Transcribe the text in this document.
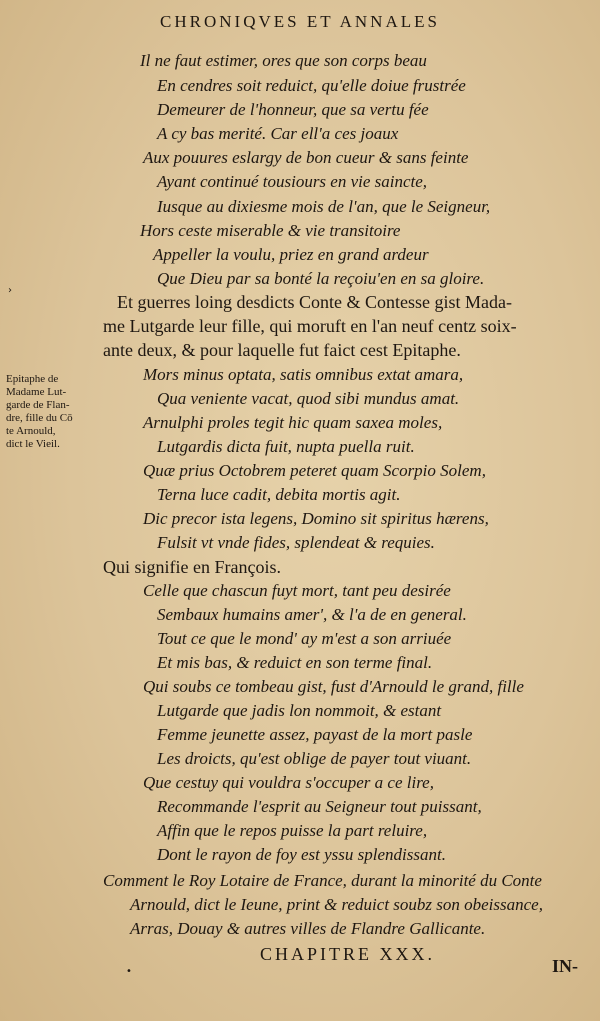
CHRONIQVES ET ANNALES
Il ne faut estimer, ores que son corps beau
En cendres soit reduict, qu'elle doiue frustrée
Demeurer de l'honneur, que sa vertu fée
A cy bas merité. Car ell'a ces joaux
Aux pouures eslargy de bon cueur & sans feinte
Ayant continué tousiours en vie saincte,
Iusque au dixiesme mois de l'an, que le Seigneur,
Hors ceste miserable & vie transitoire
Appeller la voulu, priez en grand ardeur
Que Dieu par sa bonté la reçoiu'en en sa gloire.
›
Et guerres loing desdicts Conte & Contesse gist Mada-
me Lutgarde leur fille, qui moruft en l'an neuf centz soix-
ante deux, & pour laquelle fut faict cest Epitaphe.
Epitaphe de
Madame Lut-
garde de Flan-
dre, fille du Cō
te Arnould,
dict le Vieil.
Mors minus optata, satis omnibus extat amara,
Qua veniente vacat, quod sibi mundus amat.
Arnulphi proles tegit hic quam saxea moles,
Lutgardis dicta fuit, nupta puella ruit.
Quæ prius Octobrem peteret quam Scorpio Solem,
Terna luce cadit, debita mortis agit.
Dic precor ista legens, Domino sit spiritus hærens,
Fulsit vt vnde fides, splendeat & requies.
Qui signifie en François.
Celle que chascun fuyt mort, tant peu desirée
Sembaux humains amer', & l'a de en general.
Tout ce que le mond' ay m'est a son arriuée
Et mis bas, & reduict en son terme final.
Qui soubs ce tombeau gist, fust d'Arnould le grand, fille
Lutgarde que jadis lon nommoit, & estant
Femme jeunette assez, payast de la mort pasle
Les droicts, qu'est oblige de payer tout viuant.
Que cestuy qui vouldra s'occuper a ce lire,
Recommande l'esprit au Seigneur tout puissant,
Affin que le repos puisse la part reluire,
Dont le rayon de foy est yssu splendissant.
Comment le Roy Lotaire de France, durant la minorité du Conte
Arnould, dict le Ieune, print & reduict soubz son obeissance,
Arras, Douay & autres villes de Flandre Gallicante.
CHAPITRE XXX.
•	IN-
